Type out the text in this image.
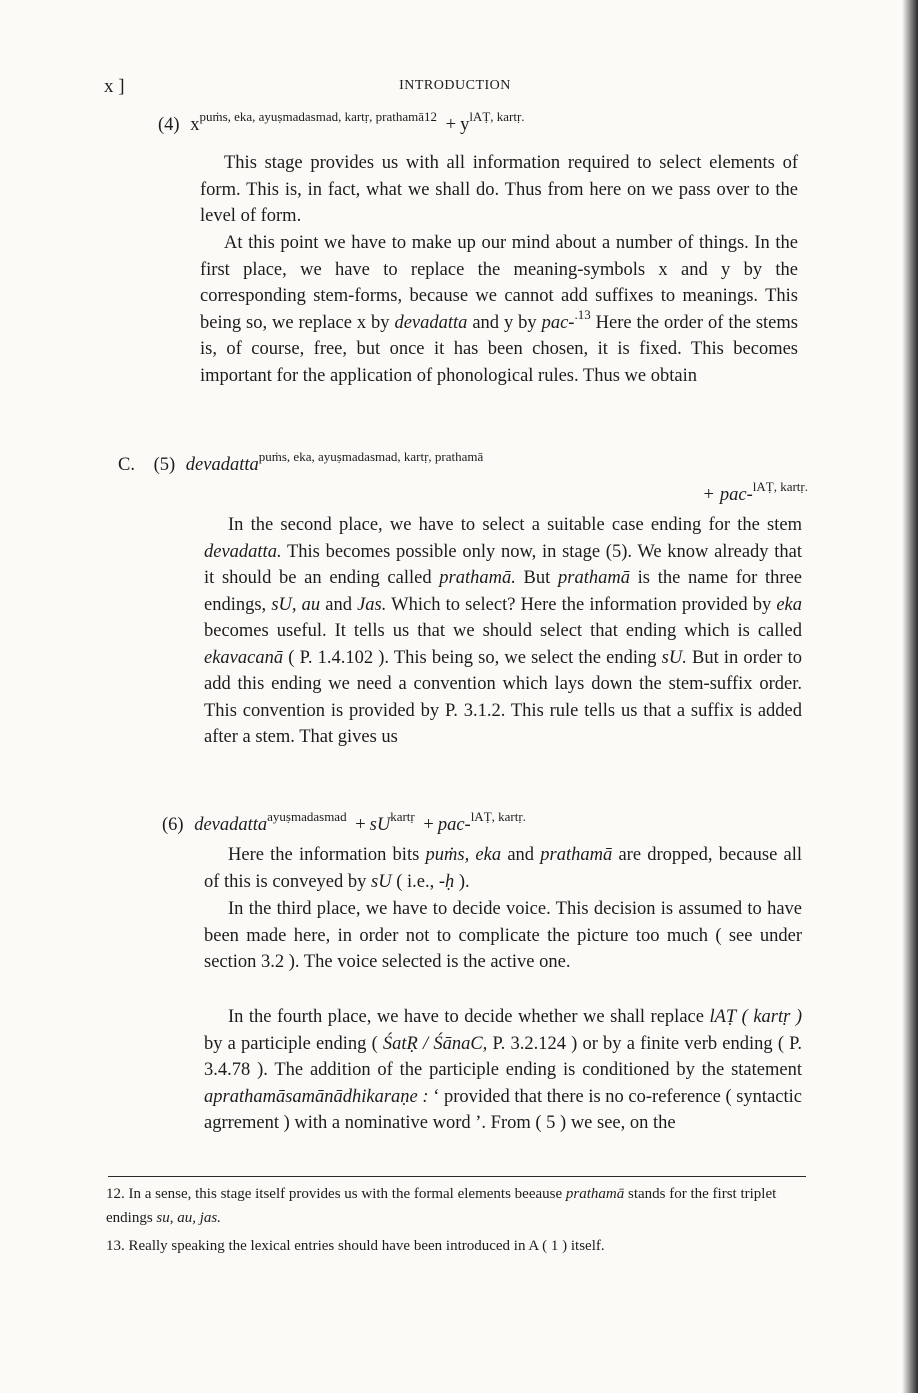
x ]	INTRODUCTION
(4) $x^{puṁs, eka, ayuṣmadasmad, kartṛ, prathamā12} + y^{lAṬ, kartṛ.}$

This stage provides us with all information required to select elements of form. This is, in fact, what we shall do. Thus from here on we pass over to the level of form.

At this point we have to make up our mind about a number of things. In the first place, we have to replace the meaning-symbols x and y by the corresponding stem-forms, because we cannot add suffixes to meanings. This being so, we replace x by devadatta and y by pac-$^{.13}$ Here the order of the stems is, of course, free, but once it has been chosen, it is fixed. This becomes important for the application of phonological rules. Thus we obtain

C. (5) devadatta$^{puṁs, eka, ayuṣmadasmad, kartṛ, prathamā}$
+ pac-$^{lAṬ, kartṛ.}$

In the second place, we have to select a suitable case ending for the stem devadatta. This becomes possible only now, in stage (5). We know already that it should be an ending called prathamā. But prathamā is the name for three endings, sU, au and Jas. Which to select? Here the information provided by eka becomes useful. It tells us that we should select that ending which is called ekavacanā ( P. 1.4.102 ). This being so, we select the ending sU. But in order to add this ending we need a convention which lays down the stem-suffix order. This convention is provided by P. 3.1.2. This rule tells us that a suffix is added after a stem. That gives us

(6) devadatta$^{ayuṣmadasmad}$ + $sU^{kartṛ} + pac-^{lAṬ, kartṛ.}$

Here the information bits puṁs, eka and prathamā are dropped, because all of this is conveyed by sU ( i.e., -ḥ ).

In the third place, we have to decide voice. This decision is assumed to have been made here, in order not to complicate the picture too much ( see under section 3.2 ). The voice selected is the active one.

In the fourth place, we have to decide whether we shall replace lAṬ ( kartṛ ) by a participle ending ( ŚatṚ / ŚānaC, P. 3.2.124 ) or by a finite verb ending ( P. 3.4.78 ). The addition of the participle ending is conditioned by the statement aprathamāsamānādhikaraṇe : ‘ provided that there is no co-reference ( syntactic agrrement ) with a nominative word ’. From ( 5 ) we see, on the

12. In a sense, this stage itself provides us with the formal elements beeause prathamā stands for the first triplet endings su, au, jas.
13. Really speaking the lexical entries should have been introduced in A ( 1 ) itself.
